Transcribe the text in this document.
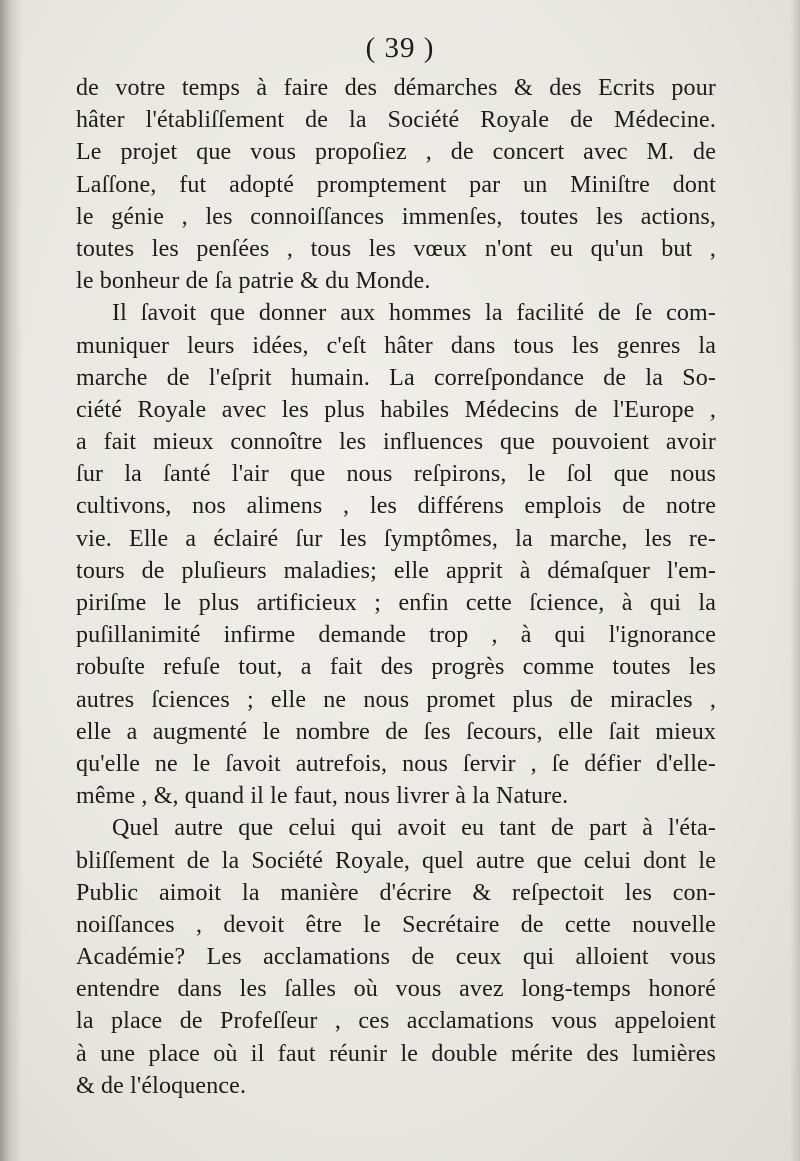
( 39 )
de votre temps à faire des démarches & des Ecrits pour
hâter l'établiſſement de la Société Royale de Médecine.
Le projet que vous propoſiez , de concert avec M. de
Laſſone, fut adopté promptement par un Miniſtre dont
le génie , les connoiſſances immenſes, toutes les actions,
toutes les penſées , tous les vœux n'ont eu qu'un but ,
le bonheur de ſa patrie & du Monde.
Il ſavoit que donner aux hommes la facilité de ſe com-
muniquer leurs idées, c'eſt hâter dans tous les genres la
marche de l'eſprit humain. La correſpondance de la So-
ciété Royale avec les plus habiles Médecins de l'Europe ,
a fait mieux connoître les influences que pouvoient avoir
ſur la ſanté l'air que nous reſpirons, le ſol que nous
cultivons, nos alimens , les différens emplois de notre
vie. Elle a éclairé ſur les ſymptômes, la marche, les re-
tours de pluſieurs maladies; elle apprit à démaſquer l'em-
piriſme le plus artificieux ; enfin cette ſcience, à qui la
puſillanimité infirme demande trop , à qui l'ignorance
robuſte refuſe tout, a fait des progrès comme toutes les
autres ſciences ; elle ne nous promet plus de miracles ,
elle a augmenté le nombre de ſes ſecours, elle ſait mieux
qu'elle ne le ſavoit autrefois, nous ſervir , ſe défier d'elle-
même , &, quand il le faut, nous livrer à la Nature.
Quel autre que celui qui avoit eu tant de part à l'éta-
bliſſement de la Société Royale, quel autre que celui dont le
Public aimoit la manière d'écrire & reſpectoit les con-
noiſſances , devoit être le Secrétaire de cette nouvelle
Académie? Les acclamations de ceux qui alloient vous
entendre dans les ſalles où vous avez long-temps honoré
la place de Profeſſeur , ces acclamations vous appeloient
à une place où il faut réunir le double mérite des lumières
& de l'éloquence.
